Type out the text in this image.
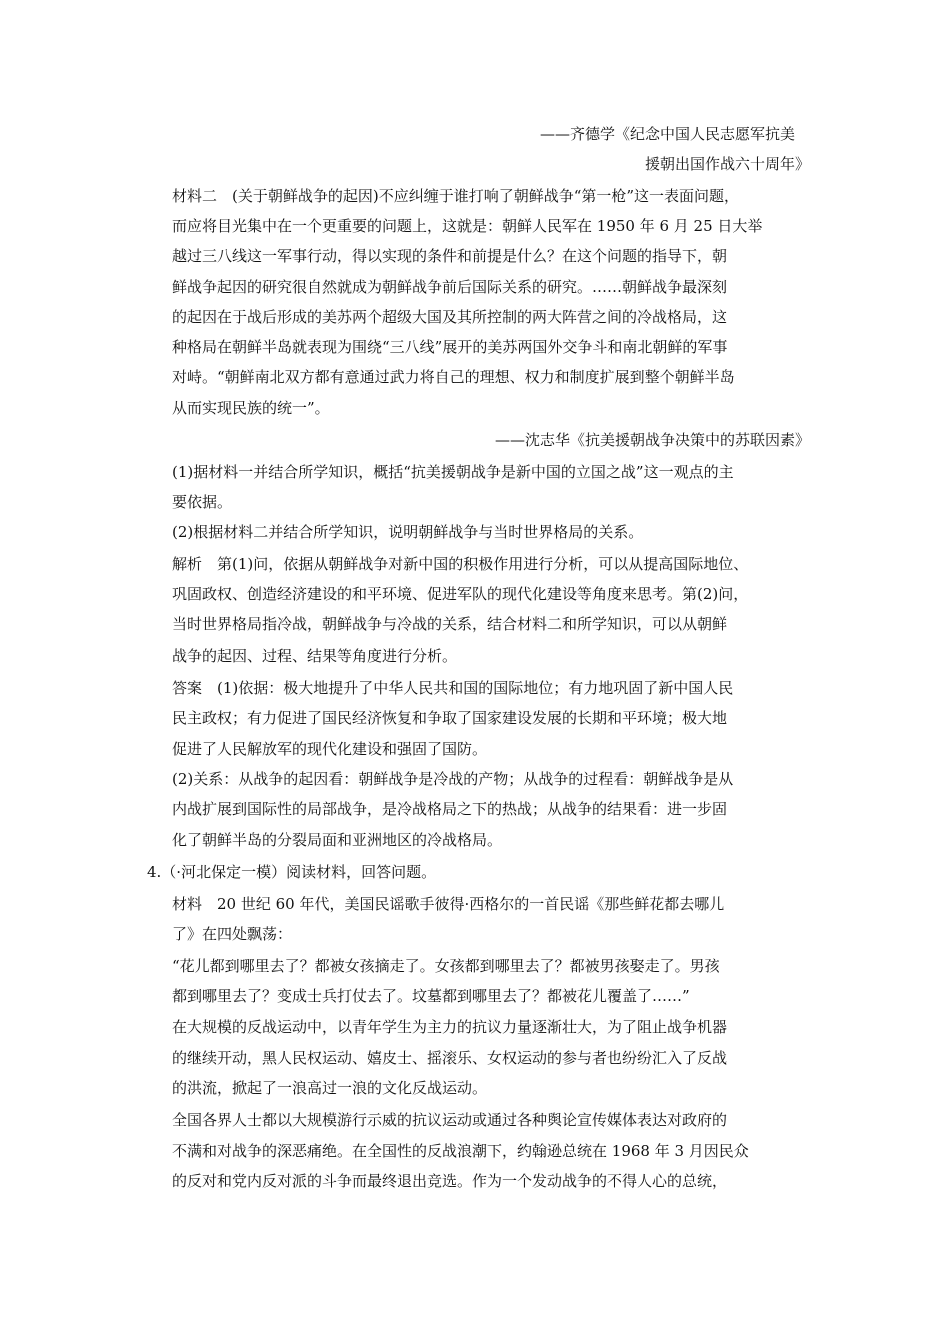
——齐德学《纪念中国人民志愿军抗美
援朝出国作战六十周年》
材料二　(关于朝鲜战争的起因)不应纠缠于谁打响了朝鲜战争“第一枪”这一表面问题，
而应将目光集中在一个更重要的问题上，这就是：朝鲜人民军在 1950 年 6 月 25 日大举
越过三八线这一军事行动，得以实现的条件和前提是什么？在这个问题的指导下，朝
鲜战争起因的研究很自然就成为朝鲜战争前后国际关系的研究。……朝鲜战争最深刻
的起因在于战后形成的美苏两个超级大国及其所控制的两大阵营之间的冷战格局，这
种格局在朝鲜半岛就表现为围绕“三八线”展开的美苏两国外交争斗和南北朝鲜的军事
对峙。“朝鲜南北双方都有意通过武力将自己的理想、权力和制度扩展到整个朝鲜半岛
从而实现民族的统一”。
——沈志华《抗美援朝战争决策中的苏联因素》
(1)据材料一并结合所学知识，概括“抗美援朝战争是新中国的立国之战”这一观点的主
要依据。
(2)根据材料二并结合所学知识，说明朝鲜战争与当时世界格局的关系。
解析　第(1)问，依据从朝鲜战争对新中国的积极作用进行分析，可以从提高国际地位、
巩固政权、创造经济建设的和平环境、促进军队的现代化建设等角度来思考。第(2)问，
当时世界格局指冷战，朝鲜战争与冷战的关系，结合材料二和所学知识，可以从朝鲜
战争的起因、过程、结果等角度进行分析。
答案　(1)依据：极大地提升了中华人民共和国的国际地位；有力地巩固了新中国人民
民主政权；有力促进了国民经济恢复和争取了国家建设发展的长期和平环境；极大地
促进了人民解放军的现代化建设和强固了国防。
(2)关系：从战争的起因看：朝鲜战争是冷战的产物；从战争的过程看：朝鲜战争是从
内战扩展到国际性的局部战争，是冷战格局之下的热战；从战争的结果看：进一步固
化了朝鲜半岛的分裂局面和亚洲地区的冷战格局。
4.（·河北保定一模）阅读材料，回答问题。
材料　20 世纪 60 年代，美国民谣歌手彼得·西格尔的一首民谣《那些鲜花都去哪儿
了》在四处飘荡：
“花儿都到哪里去了？都被女孩摘走了。女孩都到哪里去了？都被男孩娶走了。男孩
都到哪里去了？变成士兵打仗去了。坟墓都到哪里去了？都被花儿覆盖了……”
在大规模的反战运动中，以青年学生为主力的抗议力量逐渐壮大，为了阻止战争机器
的继续开动，黑人民权运动、嬉皮士、摇滚乐、女权运动的参与者也纷纷汇入了反战
的洪流，掀起了一浪高过一浪的文化反战运动。
全国各界人士都以大规模游行示威的抗议运动或通过各种舆论宣传媒体表达对政府的
不满和对战争的深恶痛绝。在全国性的反战浪潮下，约翰逊总统在 1968 年 3 月因民众
的反对和党内反对派的斗争而最终退出竞选。作为一个发动战争的不得人心的总统，
